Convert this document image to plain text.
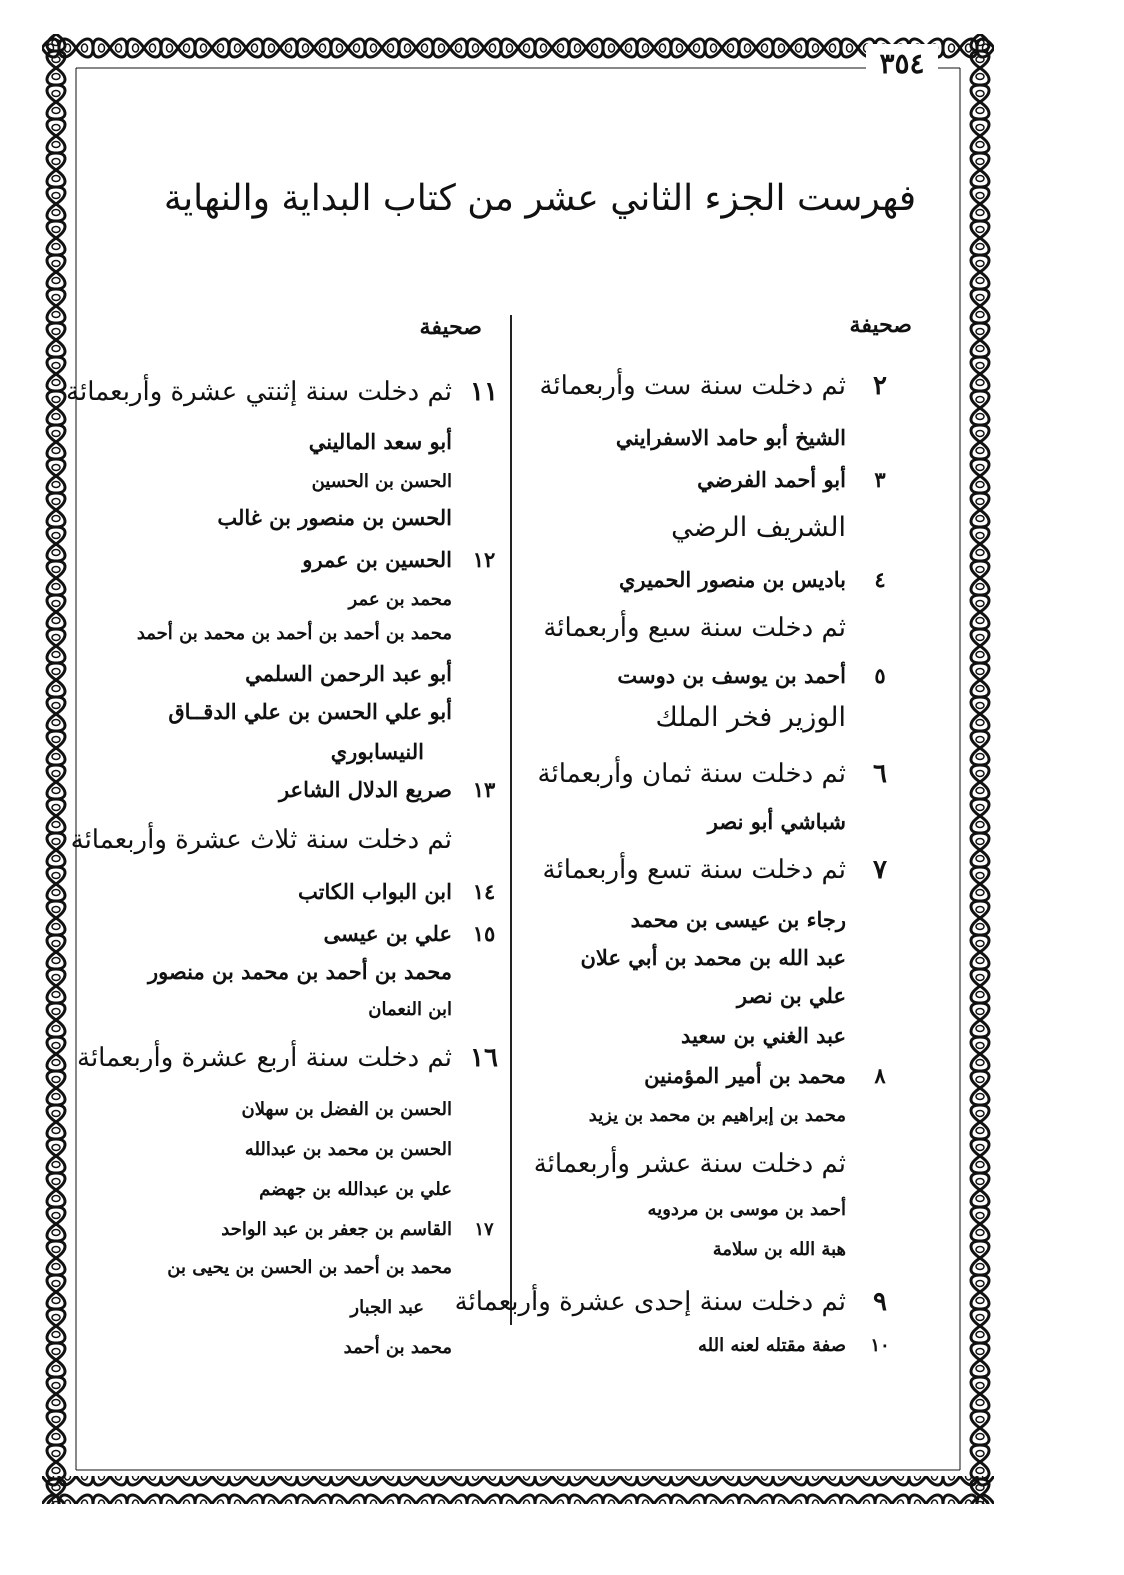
٣٥٤
فهرست الجزء الثاني عشر من كتاب البداية والنهاية
صحيفة
صحيفة
٢
ثم دخلت سنة ست وأربعمائة
الشيخ أبو حامد الاسفرايني
٣
أبو أحمد الفرضي
الشريف الرضي
٤
باديس بن منصور الحميري
ثم دخلت سنة سبع وأربعمائة
٥
أحمد بن يوسف بن دوست
الوزير فخر الملك
٦
ثم دخلت سنة ثمان وأربعمائة
شباشي أبو نصر
٧
ثم دخلت سنة تسع وأربعمائة
رجاء بن عيسى بن محمد
عبد الله بن محمد بن أبي علان
علي بن نصر
عبد الغني بن سعيد
٨
محمد بن أمير المؤمنين
محمد بن إبراهيم بن محمد بن يزيد
ثم دخلت سنة عشر وأربعمائة
أحمد بن موسى بن مردويه
هبة الله بن سلامة
٩
ثم دخلت سنة إحدى عشرة وأربعمائة
١٠
صفة مقتله لعنه الله
١١
ثم دخلت سنة إثنتي عشرة وأربعمائة
أبو سعد الماليني
الحسن بن الحسين
الحسن بن منصور بن غالب
١٢
الحسين بن عمرو
محمد بن عمر
محمد بن أحمد بن أحمد بن محمد بن أحمد
أبو عبد الرحمن السلمي
أبو علي الحسن بن علي الدقــاق
النيسابوري
١٣
صريع الدلال الشاعر
ثم دخلت سنة ثلاث عشرة وأربعمائة
١٤
ابن البواب الكاتب
١٥
علي بن عيسى
محمد بن أحمد بن محمد بن منصور
ابن النعمان
١٦
ثم دخلت سنة أربع عشرة وأربعمائة
الحسن بن الفضل بن سهلان
الحسن بن محمد بن عبدالله
علي بن عبدالله بن جهضم
١٧
القاسم بن جعفر بن عبد الواحد
محمد بن أحمد بن الحسن بن يحيى بن
عبد الجبار
محمد بن أحمد
